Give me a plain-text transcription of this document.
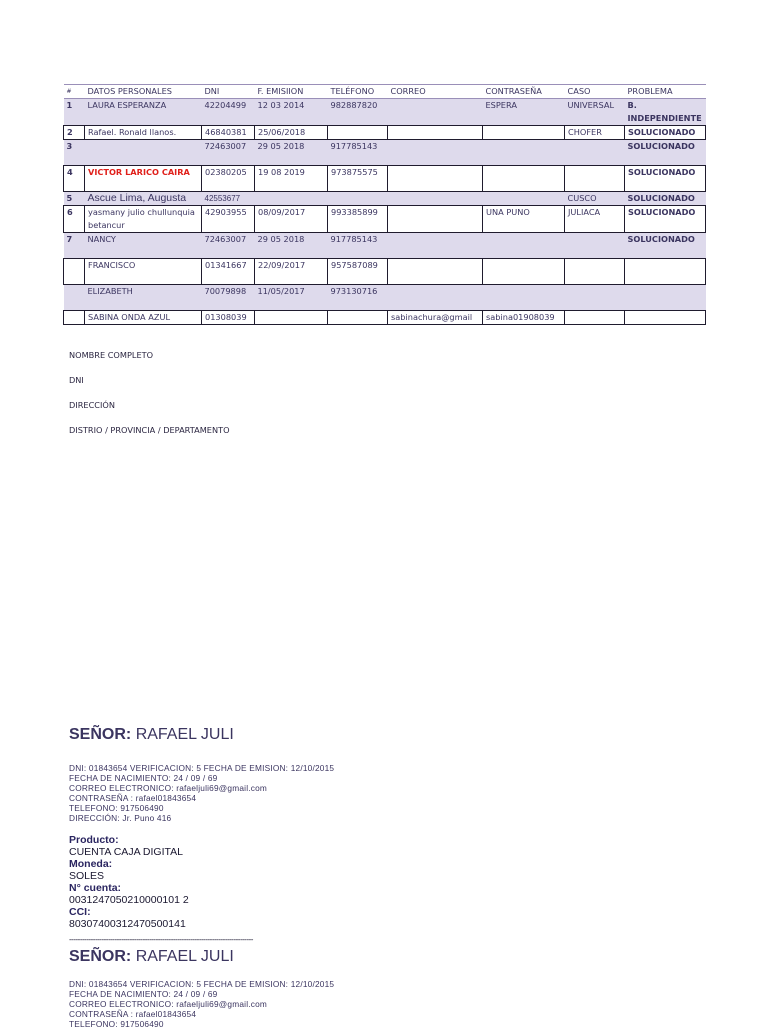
#	DATOS PERSONALES	DNI	F. EMISIION	TELÉFONO	CORREO	CONTRASEÑA	CASO	PROBLEMA
1	LAURA ESPERANZA	42204499	12 03 2014	982887820		ESPERA	UNIVERSAL	B. INDEPENDIENTE
2	Rafael. Ronald llanos.	46840381	25/06/2018				CHOFER	SOLUCIONADO
3		72463007	29 05 2018	917785143				SOLUCIONADO
4	VICTOR LARICO CAIRA	02380205	19 08 2019	973875575				SOLUCIONADO
5	Ascue Lima, Augusta	42553677					CUSCO	SOLUCIONADO
6	yasmany julio chullunquia betancur	42903955	08/09/2017	993385899		UNA PUNO	JULIACA	SOLUCIONADO
7	NANCY	72463007	29 05 2018	917785143				SOLUCIONADO
	FRANCISCO	01341667	22/09/2017	957587089				
	ELIZABETH	70079898	11/05/2017	973130716				
	SABINA ONDA AZUL	01308039			sabinachura@gmail	sabina01908039		
NOMBRE COMPLETO
DNI
DIRECCIÓN
DISTRIO / PROVINCIA / DEPARTAMENTO
SEÑOR: RAFAEL JULI
DNI: 01843654 VERIFICACION: 5 FECHA DE EMISION: 12/10/2015
FECHA DE NACIMIENTO: 24 / 09 / 69
CORREO ELECTRONICO: rafaeljuli69@gmail.com
CONTRASEÑA : rafael01843654
TELEFONO: 917506490
DIRECCIÓN: Jr. Puno 416
Producto:
CUENTA CAJA DIGITAL
Moneda:
SOLES
N° cuenta:
0031247050210000101 2
CCI:
80307400312470500141
-------------------------------------------------------------------------------------
SEÑOR: RAFAEL JULI
DNI: 01843654 VERIFICACION: 5 FECHA DE EMISION: 12/10/2015
FECHA DE NACIMIENTO: 24 / 09 / 69
CORREO ELECTRONICO: rafaeljuli69@gmail.com
CONTRASEÑA : rafael01843654
TELEFONO: 917506490
